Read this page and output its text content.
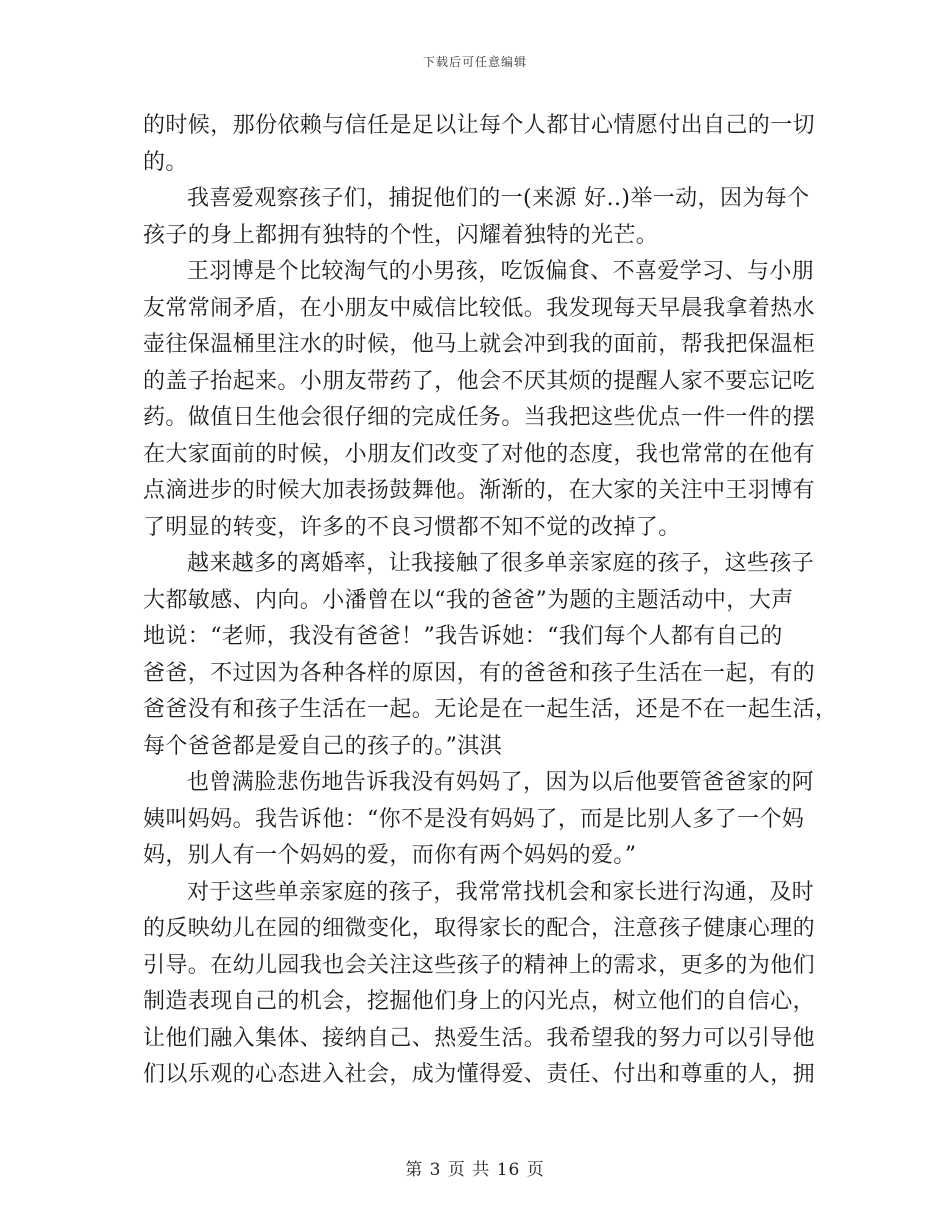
下载后可任意编辑
的时候，那份依赖与信任是足以让每个人都甘心情愿付出自己的一切
的。
我喜爱观察孩子们，捕捉他们的一(来源 好..)举一动，因为每个
孩子的身上都拥有独特的个性，闪耀着独特的光芒。
王羽博是个比较淘气的小男孩，吃饭偏食、不喜爱学习、与小朋
友常常闹矛盾，在小朋友中威信比较低。我发现每天早晨我拿着热水
壶往保温桶里注水的时候，他马上就会冲到我的面前，帮我把保温柜
的盖子抬起来。小朋友带药了，他会不厌其烦的提醒人家不要忘记吃
药。做值日生他会很仔细的完成任务。当我把这些优点一件一件的摆
在大家面前的时候，小朋友们改变了对他的态度，我也常常的在他有
点滴进步的时候大加表扬鼓舞他。渐渐的，在大家的关注中王羽博有
了明显的转变，许多的不良习惯都不知不觉的改掉了。
越来越多的离婚率，让我接触了很多单亲家庭的孩子，这些孩子
大都敏感、内向。小潘曾在以“我的爸爸”为题的主题活动中，大声
地说：“老师，我没有爸爸！”我告诉她：“我们每个人都有自己的
爸爸，不过因为各种各样的原因，有的爸爸和孩子生活在一起，有的
爸爸没有和孩子生活在一起。无论是在一起生活，还是不在一起生活，
每个爸爸都是爱自己的孩子的。”淇淇
也曾满脸悲伤地告诉我没有妈妈了，因为以后他要管爸爸家的阿
姨叫妈妈。我告诉他：“你不是没有妈妈了，而是比别人多了一个妈
妈，别人有一个妈妈的爱，而你有两个妈妈的爱。”
对于这些单亲家庭的孩子，我常常找机会和家长进行沟通，及时
的反映幼儿在园的细微变化，取得家长的配合，注意孩子健康心理的
引导。在幼儿园我也会关注这些孩子的精神上的需求，更多的为他们
制造表现自己的机会，挖掘他们身上的闪光点，树立他们的自信心，
让他们融入集体、接纳自己、热爱生活。我希望我的努力可以引导他
们以乐观的心态进入社会，成为懂得爱、责任、付出和尊重的人，拥
第 3 页 共 16 页
